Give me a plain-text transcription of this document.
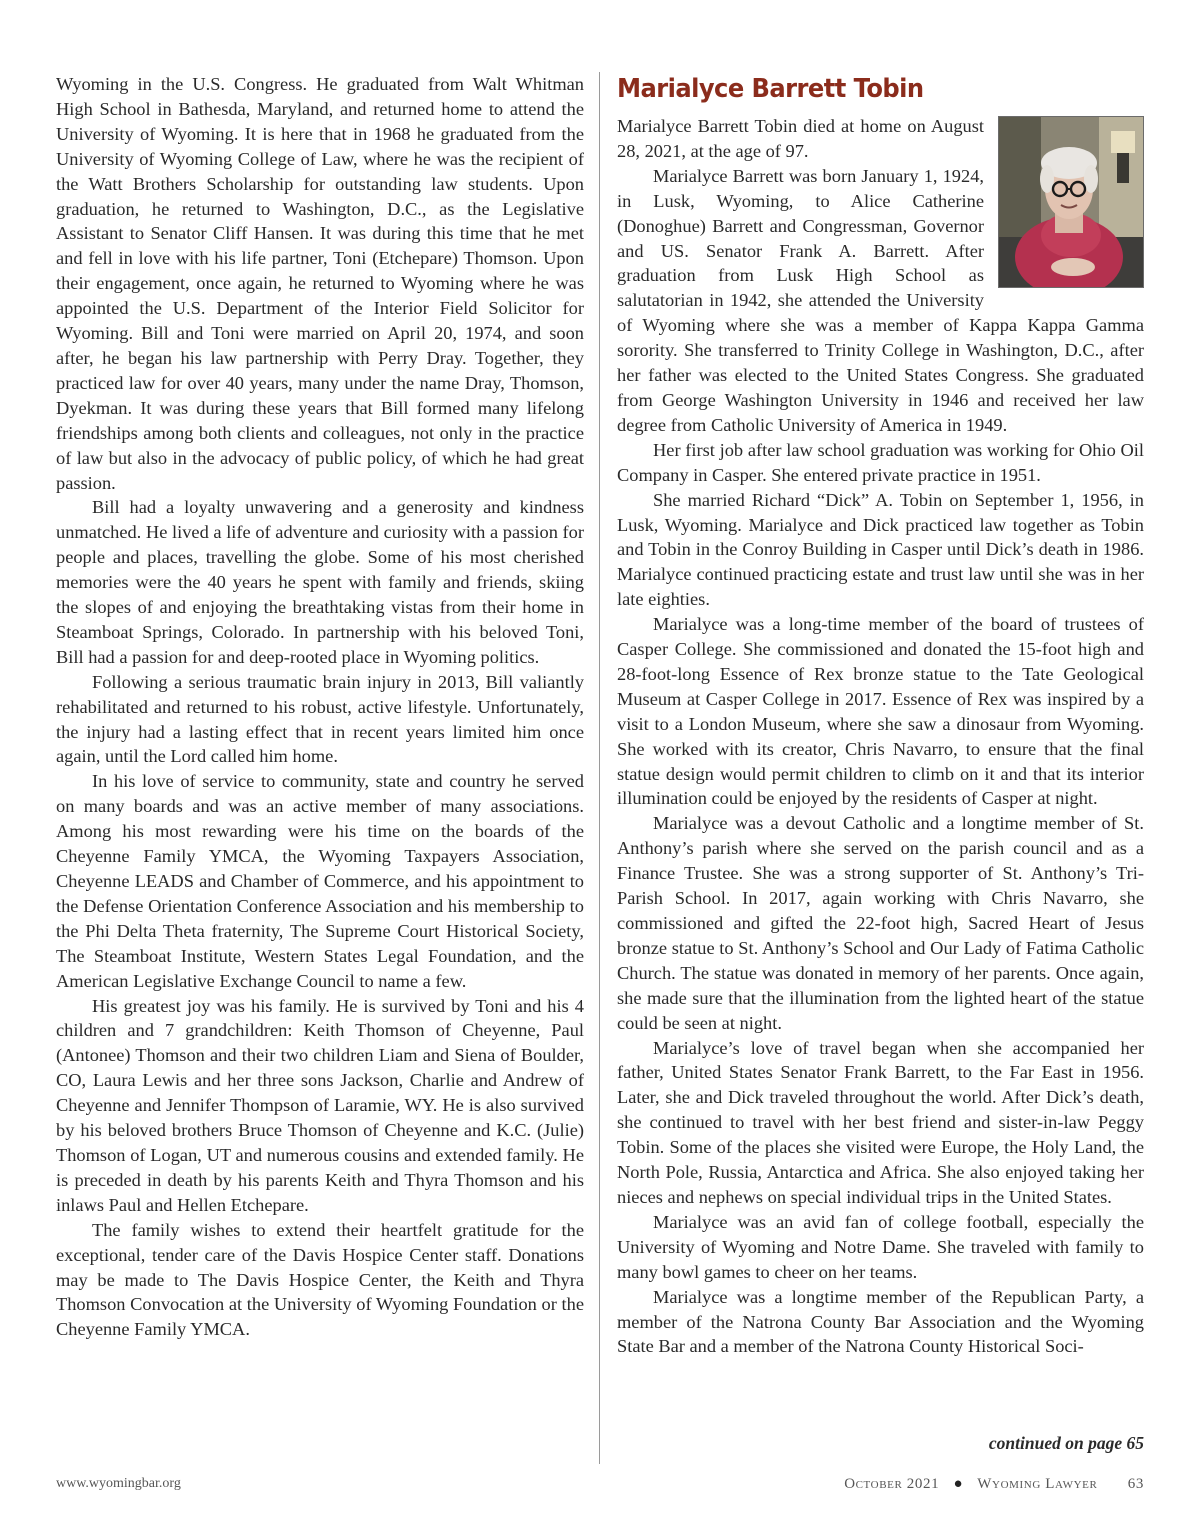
Wyoming in the U.S. Congress. He graduated from Walt Whitman High School in Bathesda, Maryland, and returned home to attend the University of Wyoming. It is here that in 1968 he graduated from the University of Wyoming College of Law, where he was the recipient of the Watt Brothers Scholarship for outstanding law students. Upon graduation, he returned to Washington, D.C., as the Legislative Assistant to Senator Cliff Hansen. It was during this time that he met and fell in love with his life partner, Toni (Etchepare) Thomson. Upon their engagement, once again, he returned to Wyoming where he was appointed the U.S. Department of the Interior Field Solicitor for Wyoming. Bill and Toni were married on April 20, 1974, and soon after, he began his law partnership with Perry Dray. Together, they practiced law for over 40 years, many under the name Dray, Thomson, Dyekman. It was during these years that Bill formed many lifelong friendships among both clients and colleagues, not only in the practice of law but also in the advocacy of public policy, of which he had great passion.

Bill had a loyalty unwavering and a generosity and kindness unmatched. He lived a life of adventure and curiosity with a passion for people and places, travelling the globe. Some of his most cherished memories were the 40 years he spent with family and friends, skiing the slopes of and enjoying the breathtaking vistas from their home in Steamboat Springs, Colorado. In partnership with his beloved Toni, Bill had a passion for and deep-rooted place in Wyoming politics.

Following a serious traumatic brain injury in 2013, Bill valiantly rehabilitated and returned to his robust, active lifestyle. Unfortunately, the injury had a lasting effect that in recent years limited him once again, until the Lord called him home.

In his love of service to community, state and country he served on many boards and was an active member of many associations. Among his most rewarding were his time on the boards of the Cheyenne Family YMCA, the Wyoming Taxpayers Association, Cheyenne LEADS and Chamber of Commerce, and his appointment to the Defense Orientation Conference Association and his membership to the Phi Delta Theta fraternity, The Supreme Court Historical Society, The Steamboat Institute, Western States Legal Foundation, and the American Legislative Exchange Council to name a few.

His greatest joy was his family. He is survived by Toni and his 4 children and 7 grandchildren: Keith Thomson of Cheyenne, Paul (Antonee) Thomson and their two children Liam and Siena of Boulder, CO, Laura Lewis and her three sons Jackson, Charlie and Andrew of Cheyenne and Jennifer Thompson of Laramie, WY. He is also survived by his beloved brothers Bruce Thomson of Cheyenne and K.C. (Julie) Thomson of Logan, UT and numerous cousins and extended family. He is preceded in death by his parents Keith and Thyra Thomson and his inlaws Paul and Hellen Etchepare.

The family wishes to extend their heartfelt gratitude for the exceptional, tender care of the Davis Hospice Center staff. Donations may be made to The Davis Hospice Center, the Keith and Thyra Thomson Convocation at the University of Wyoming Foundation or the Cheyenne Family YMCA.

Marialyce Barrett Tobin

Marialyce Barrett Tobin died at home on August 28, 2021, at the age of 97.

Marialyce Barrett was born January 1, 1924, in Lusk, Wyoming, to Alice Catherine (Donoghue) Barrett and Congressman, Governor and US. Senator Frank A. Barrett. After graduation from Lusk High School as salutatorian in 1942, she attended the University of Wyoming where she was a member of Kappa Kappa Gamma sorority. She transferred to Trinity College in Washington, D.C., after her father was elected to the United States Congress. She graduated from George Washington University in 1946 and received her law degree from Catholic University of America in 1949.

Her first job after law school graduation was working for Ohio Oil Company in Casper. She entered private practice in 1951.

She married Richard “Dick” A. Tobin on September 1, 1956, in Lusk, Wyoming. Marialyce and Dick practiced law together as Tobin and Tobin in the Conroy Building in Casper until Dick’s death in 1986. Marialyce continued practicing estate and trust law until she was in her late eighties.

Marialyce was a long-time member of the board of trustees of Casper College. She commissioned and donated the 15-foot high and 28-foot-long Essence of Rex bronze statue to the Tate Geological Museum at Casper College in 2017. Essence of Rex was inspired by a visit to a London Museum, where she saw a dinosaur from Wyoming. She worked with its creator, Chris Navarro, to ensure that the final statue design would permit children to climb on it and that its interior illumination could be enjoyed by the residents of Casper at night.

Marialyce was a devout Catholic and a longtime member of St. Anthony’s parish where she served on the parish council and as a Finance Trustee. She was a strong supporter of St. Anthony’s Tri-Parish School. In 2017, again working with Chris Navarro, she commissioned and gifted the 22-foot high, Sacred Heart of Jesus bronze statue to St. Anthony’s School and Our Lady of Fatima Catholic Church. The statue was donated in memory of her parents. Once again, she made sure that the illumination from the lighted heart of the statue could be seen at night.

Marialyce’s love of travel began when she accompanied her father, United States Senator Frank Barrett, to the Far East in 1956. Later, she and Dick traveled throughout the world. After Dick’s death, she continued to travel with her best friend and sister-in-law Peggy Tobin. Some of the places she visited were Europe, the Holy Land, the North Pole, Russia, Antarctica and Africa. She also enjoyed taking her nieces and nephews on special individual trips in the United States.

Marialyce was an avid fan of college football, especially the University of Wyoming and Notre Dame. She traveled with family to many bowl games to cheer on her teams.

Marialyce was a longtime member of the Republican Party, a member of the Natrona County Bar Association and the Wyoming State Bar and a member of the Natrona County Historical Soci-

continued on page 65
www.wyomingbar.org	October 2021 ● Wyoming Lawyer 63
